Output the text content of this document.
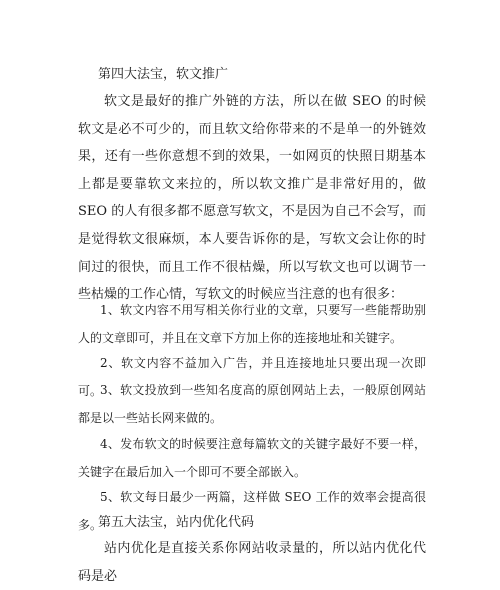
第四大法宝，软文推广
软文是最好的推广外链的方法，所以在做 SEO 的时候软文是必不可少的，而且软文给你带来的不是单一的外链效果，还有一些你意想不到的效果，一如网页的快照日期基本上都是要靠软文来拉的，所以软文推广是非常好用的，做 SEO 的人有很多都不愿意写软文，不是因为自己不会写，而是觉得软文很麻烦，本人要告诉你的是，写软文会让你的时间过的很快，而且工作不很枯燥，所以写软文也可以调节一些枯燥的工作心情，写软文的时候应当注意的也有很多：
1、软文内容不用写相关你行业的文章，只要写一些能帮助别人的文章即可，并且在文章下方加上你的连接地址和关键字。
2、软文内容不益加入广告，并且连接地址只要出现一次即可。
3、软文投放到一些知名度高的原创网站上去，一般原创网站都是以一些站长网来做的。
4、发布软文的时候要注意每篇软文的关键字最好不要一样，关键字在最后加入一个即可不要全部嵌入。
5、软文每日最少一两篇，这样做 SEO 工作的效率会提高很多。
第五大法宝，站内优化代码
站内优化是直接关系你网站收录量的，所以站内优化代码是必
